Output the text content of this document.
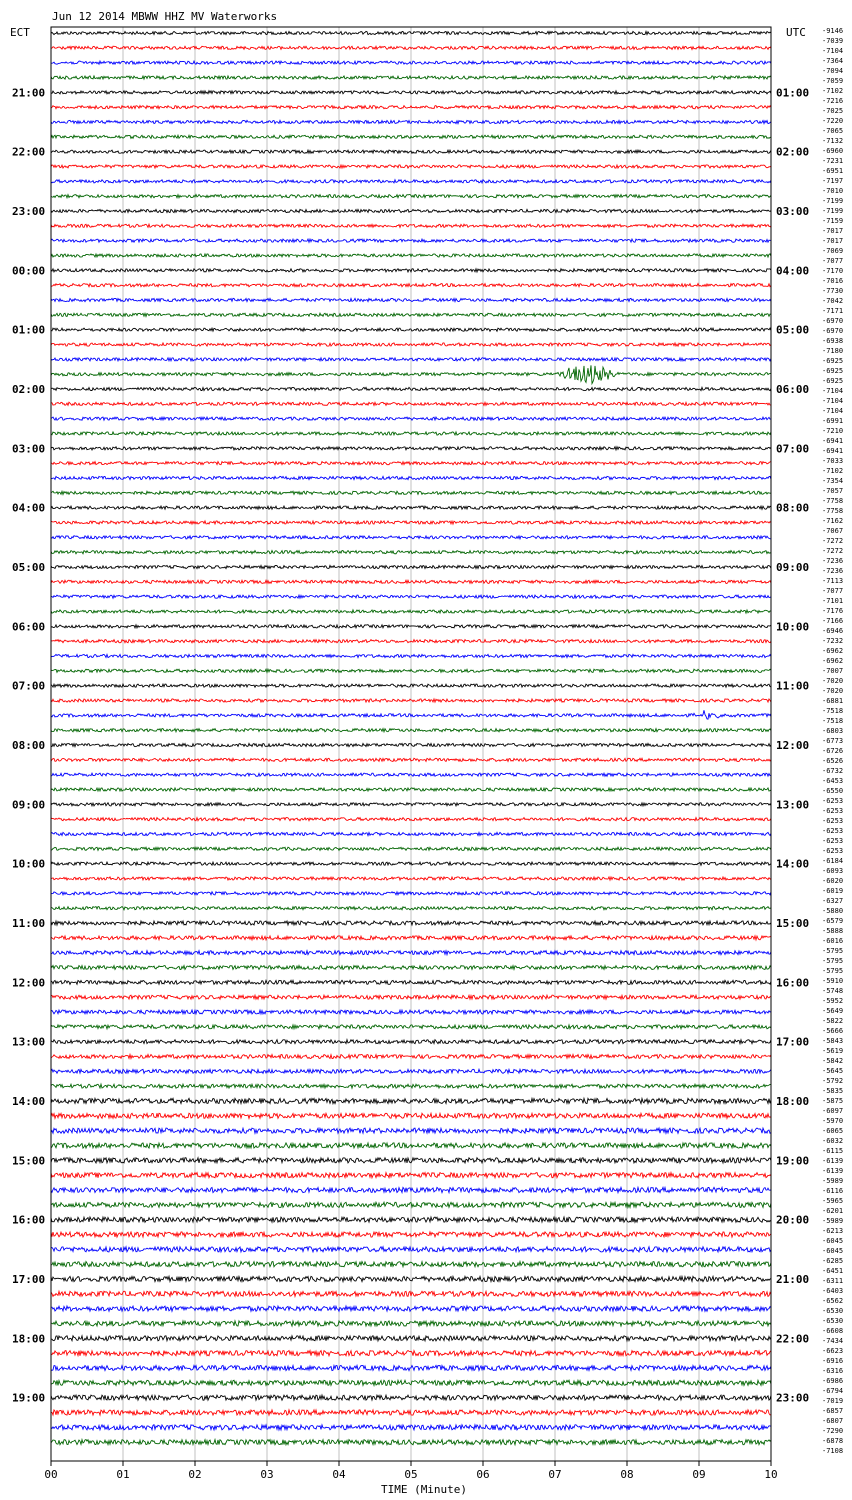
Jun 12 2014 MBWW HHZ MV Waterworks
ECT	UTC
21:00
22:00
23:00
00:00
01:00
02:00
03:00
04:00
05:00
06:00
07:00
08:00
09:00
10:00
11:00
12:00
13:00
14:00
15:00
16:00
17:00
18:00
19:00
01:00
02:00
03:00
04:00
05:00
06:00
07:00
08:00
09:00
10:00
11:00
12:00
13:00
14:00
15:00
16:00
17:00
18:00
19:00
20:00
21:00
22:00
23:00
-9146
-7039
-7104
-7364
-7094
-7059
-7102
-7216
-7025
-7220
-7065
-7132
-6960
-7231
-6951
-7197
-7010
-7199
-7199
-7159
-7017
-7017
-7069
-7077
-7170
-7016
-7730
-7042
-7171
-6970
-6970
-6938
-7180
-6925
-6925
-6925
-7104
-7104
-7104
-6991
-7210
-6941
-6941
-7033
-7102
-7354
-7057
-7758
-7758
-7162
-7067
-7272
-7272
-7236
-7236
-7113
-7077
-7101
-7176
-7166
-6946
-7232
-6962
-6962
-7007
-7020
-7020
-6881
-7518
-7518
-6803
-6773
-6726
-6526
-6732
-6453
-6550
-6253
-6253
-6253
-6253
-6253
-6253
-6184
-6093
-6020
-6019
-6327
-5880
-6579
-5888
-6016
-5795
-5795
-5795
-5910
-5748
-5952
-5649
-5822
-5666
-5843
-5619
-5842
-5645
-5792
-5835
-5875
-6097
-5970
-6065
-6032
-6115
-6139
-6139
-5989
-6116
-5965
-6201
-5989
-6213
-6045
-6045
-6285
-6451
-6311
-6403
-6562
-6530
-6530
-6608
-7434
-6623
-6916
-6316
-6986
-6794
-7019
-6857
-6807
-7290
-6878
-7108
00	01	02	03	04	05	06	07	08	09	10
TIME (Minute)
